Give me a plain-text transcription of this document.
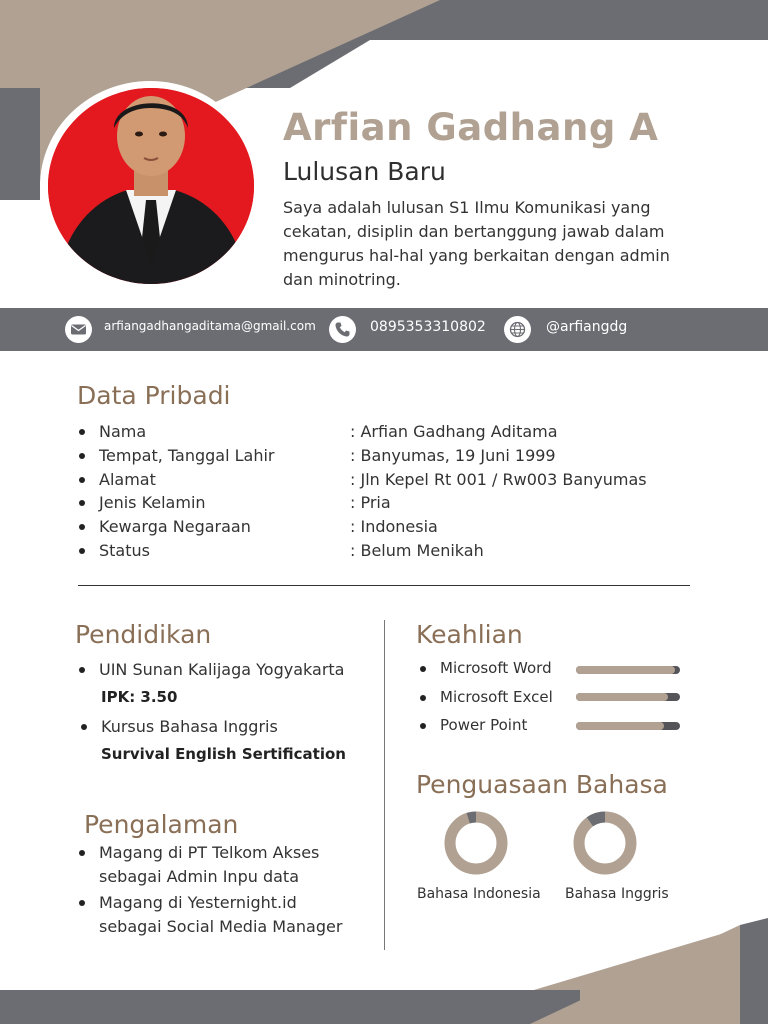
Arfian Gadhang A
Lulusan Baru
Saya adalah lulusan S1 Ilmu Komunikasi yang cekatan, disiplin dan bertanggung jawab dalam mengurus hal-hal yang berkaitan dengan admin dan minotring.
arfiangadhangaditama@gmail.com	0895353310802	@arfiangdg
Data Pribadi
Nama	: Arfian Gadhang Aditama
Tempat, Tanggal Lahir	: Banyumas, 19 Juni 1999
Alamat	: Jln Kepel Rt 001 / Rw003 Banyumas
Jenis Kelamin	: Pria
Kewarga Negaraan	: Indonesia
Status	: Belum Menikah
Pendidikan
UIN Sunan Kalijaga Yogyakarta
IPK: 3.50
Kursus Bahasa Inggris
Survival English Sertification
Pengalaman
Magang di PT Telkom Akses
sebagai Admin Inpu data
Magang di Yesternight.id
sebagai Social Media Manager
Keahlian
Microsoft Word
Microsoft Excel
Power Point
Penguasaan Bahasa
Bahasa Indonesia Bahasa Inggris
